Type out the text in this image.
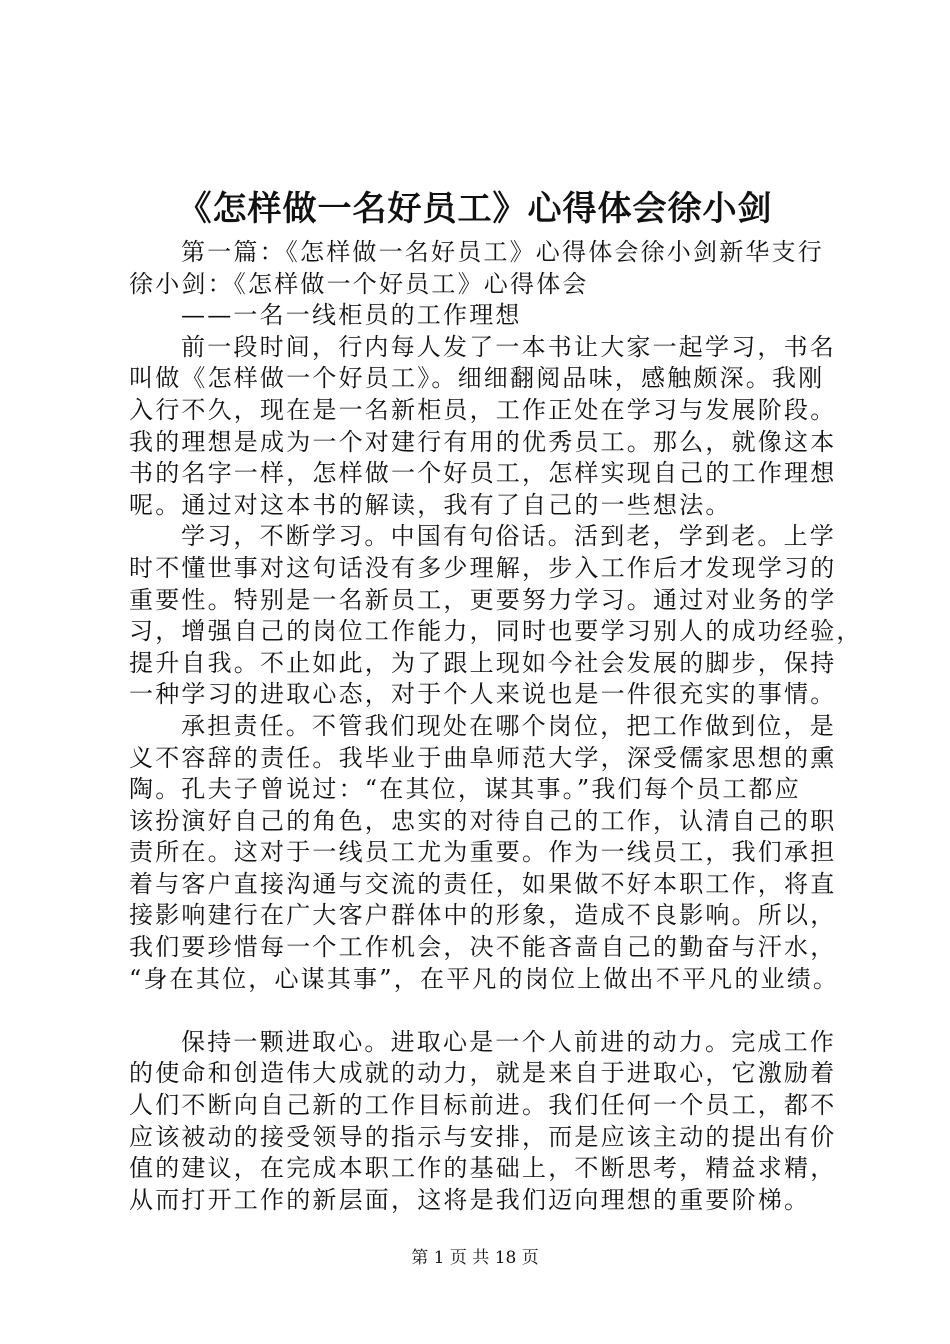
《怎样做一名好员工》心得体会徐小剑
第一篇：《怎样做一名好员工》心得体会徐小剑新华支行
徐小剑：《怎样做一个好员工》心得体会
——一名一线柜员的工作理想
前一段时间，行内每人发了一本书让大家一起学习，书名
叫做《怎样做一个好员工》。细细翻阅品味，感触颇深。我刚
入行不久，现在是一名新柜员，工作正处在学习与发展阶段。
我的理想是成为一个对建行有用的优秀员工。那么，就像这本
书的名字一样，怎样做一个好员工，怎样实现自己的工作理想
呢。通过对这本书的解读，我有了自己的一些想法。
学习，不断学习。中国有句俗话。活到老，学到老。上学
时不懂世事对这句话没有多少理解，步入工作后才发现学习的
重要性。特别是一名新员工，更要努力学习。通过对业务的学
习，增强自己的岗位工作能力，同时也要学习别人的成功经验，
提升自我。不止如此，为了跟上现如今社会发展的脚步，保持
一种学习的进取心态，对于个人来说也是一件很充实的事情。
承担责任。不管我们现处在哪个岗位，把工作做到位，是
义不容辞的责任。我毕业于曲阜师范大学，深受儒家思想的熏
陶。孔夫子曾说过：“在其位，谋其事。”我们每个员工都应
该扮演好自己的角色，忠实的对待自己的工作，认清自己的职
责所在。这对于一线员工尤为重要。作为一线员工，我们承担
着与客户直接沟通与交流的责任，如果做不好本职工作，将直
接影响建行在广大客户群体中的形象，造成不良影响。所以，
我们要珍惜每一个工作机会，决不能吝啬自己的勤奋与汗水，
“身在其位，心谋其事”，在平凡的岗位上做出不平凡的业绩。
保持一颗进取心。进取心是一个人前进的动力。完成工作
的使命和创造伟大成就的动力，就是来自于进取心，它激励着
人们不断向自己新的工作目标前进。我们任何一个员工，都不
应该被动的接受领导的指示与安排，而是应该主动的提出有价
值的建议，在完成本职工作的基础上，不断思考，精益求精，
从而打开工作的新层面，这将是我们迈向理想的重要阶梯。
第 1 页 共 18 页
